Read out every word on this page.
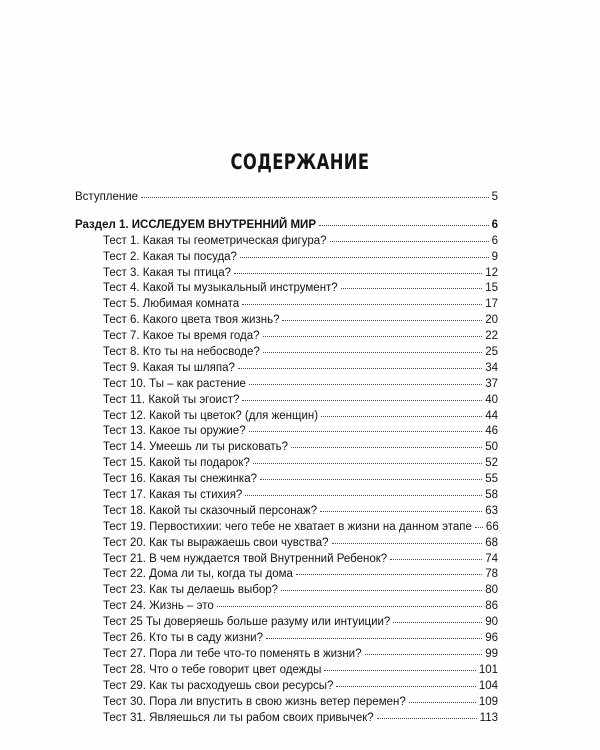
СОДЕРЖАНИЕ
Вступление	5
Раздел 1. ИССЛЕДУЕМ ВНУТРЕННИЙ МИР	6
Тест 1. Какая ты геометрическая фигура?	6
Тест 2. Какая ты посуда?	9
Тест 3. Какая ты птица?	12
Тест 4. Какой ты музыкальный инструмент?	15
Тест 5. Любимая комната	17
Тест 6. Какого цвета твоя жизнь?	20
Тест 7. Какое ты время года?	22
Тест 8. Кто ты на небосводе?	25
Тест 9. Какая ты шляпа?	34
Тест 10. Ты – как растение	37
Тест 11. Какой ты эгоист?	40
Тест 12. Какой ты цветок? (для женщин)	44
Тест 13. Какое ты оружие?	46
Тест 14. Умеешь ли ты рисковать?	50
Тест 15. Какой ты подарок?	52
Тест 16. Какая ты снежинка?	55
Тест 17. Какая ты стихия?	58
Тест 18. Какой ты сказочный персонаж?	63
Тест 19. Первостихии: чего тебе не хватает в жизни на данном этапе 66
Тест 20. Как ты выражаешь свои чувства?	68
Тест 21. В чем нуждается твой Внутренний Ребенок?	74
Тест 22. Дома ли ты, когда ты дома	78
Тест 23. Как ты делаешь выбор?	80
Тест 24. Жизнь – это	86
Тест 25 Ты доверяешь больше разуму или интуиции?	90
Тест 26. Кто ты в саду жизни?	96
Тест 27. Пора ли тебе что-то поменять в жизни?	99
Тест 28. Что о тебе говорит цвет одежды	101
Тест 29. Как ты расходуешь свои ресурсы?	104
Тест 30. Пора ли впустить в свою жизнь ветер перемен?	109
Тест 31. Являешься ли ты рабом своих привычек?	113
